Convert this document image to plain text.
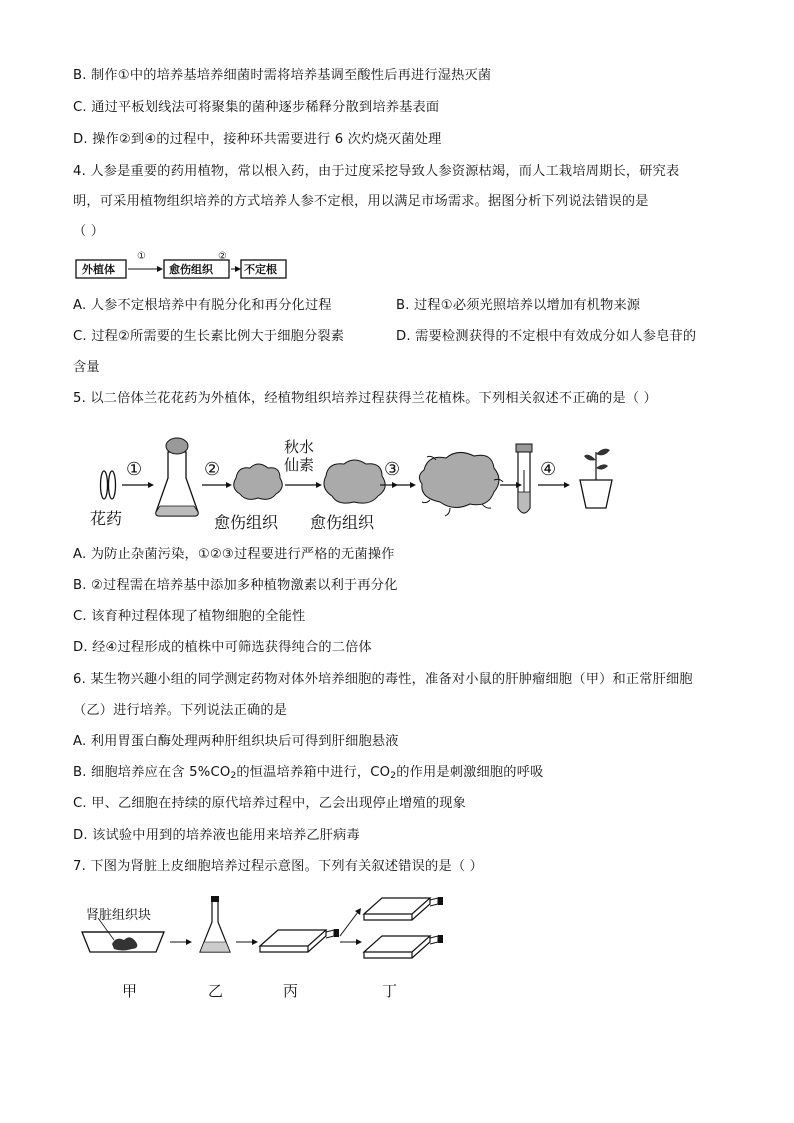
B. 制作①中的培养基培养细菌时需将培养基调至酸性后再进行湿热灭菌
C. 通过平板划线法可将聚集的菌种逐步稀释分散到培养基表面
D. 操作②到④的过程中，接种环共需要进行 6 次灼烧灭菌处理
4. 人参是重要的药用植物，常以根入药，由于过度采挖导致人参资源枯竭，而人工栽培周期长，研究表
明，可采用植物组织培养的方式培养人参不定根，用以满足市场需求。据图分析下列说法错误的是
（ ）
外植体
①
愈伤组织
②
不定根
A. 人参不定根培养中有脱分化和再分化过程	B. 过程①必须光照培养以增加有机物来源
C. 过程②所需要的生长素比例大于细胞分裂素	D. 需要检测获得的不定根中有效成分如人参皂苷的
含量
5. 以二倍体兰花花药为外植体，经植物组织培养过程获得兰花植株。下列相关叙述不正确的是（ ）
①	②
秋水
仙素	③	④
花药	愈伤组织 愈伤组织
A. 为防止杂菌污染，①②③过程要进行严格的无菌操作
B. ②过程需在培养基中添加多种植物激素以利于再分化
C. 该育种过程体现了植物细胞的全能性
D. 经④过程形成的植株中可筛选获得纯合的二倍体
6. 某生物兴趣小组的同学测定药物对体外培养细胞的毒性，准备对小鼠的肝肿瘤细胞（甲）和正常肝细胞
（乙）进行培养。下列说法正确的是
A. 利用胃蛋白酶处理两种肝组织块后可得到肝细胞悬液
B. 细胞培养应在含 $5\%CO_2$的恒温培养箱中进行，$CO_2$的作用是刺激细胞的呼吸
C. 甲、乙细胞在持续的原代培养过程中，乙会出现停止增殖的现象
D. 该试验中用到的培养液也能用来培养乙肝病毒
7. 下图为肾脏上皮细胞培养过程示意图。下列有关叙述错误的是（ ）
肾脏组织块
甲	乙	丙	丁
